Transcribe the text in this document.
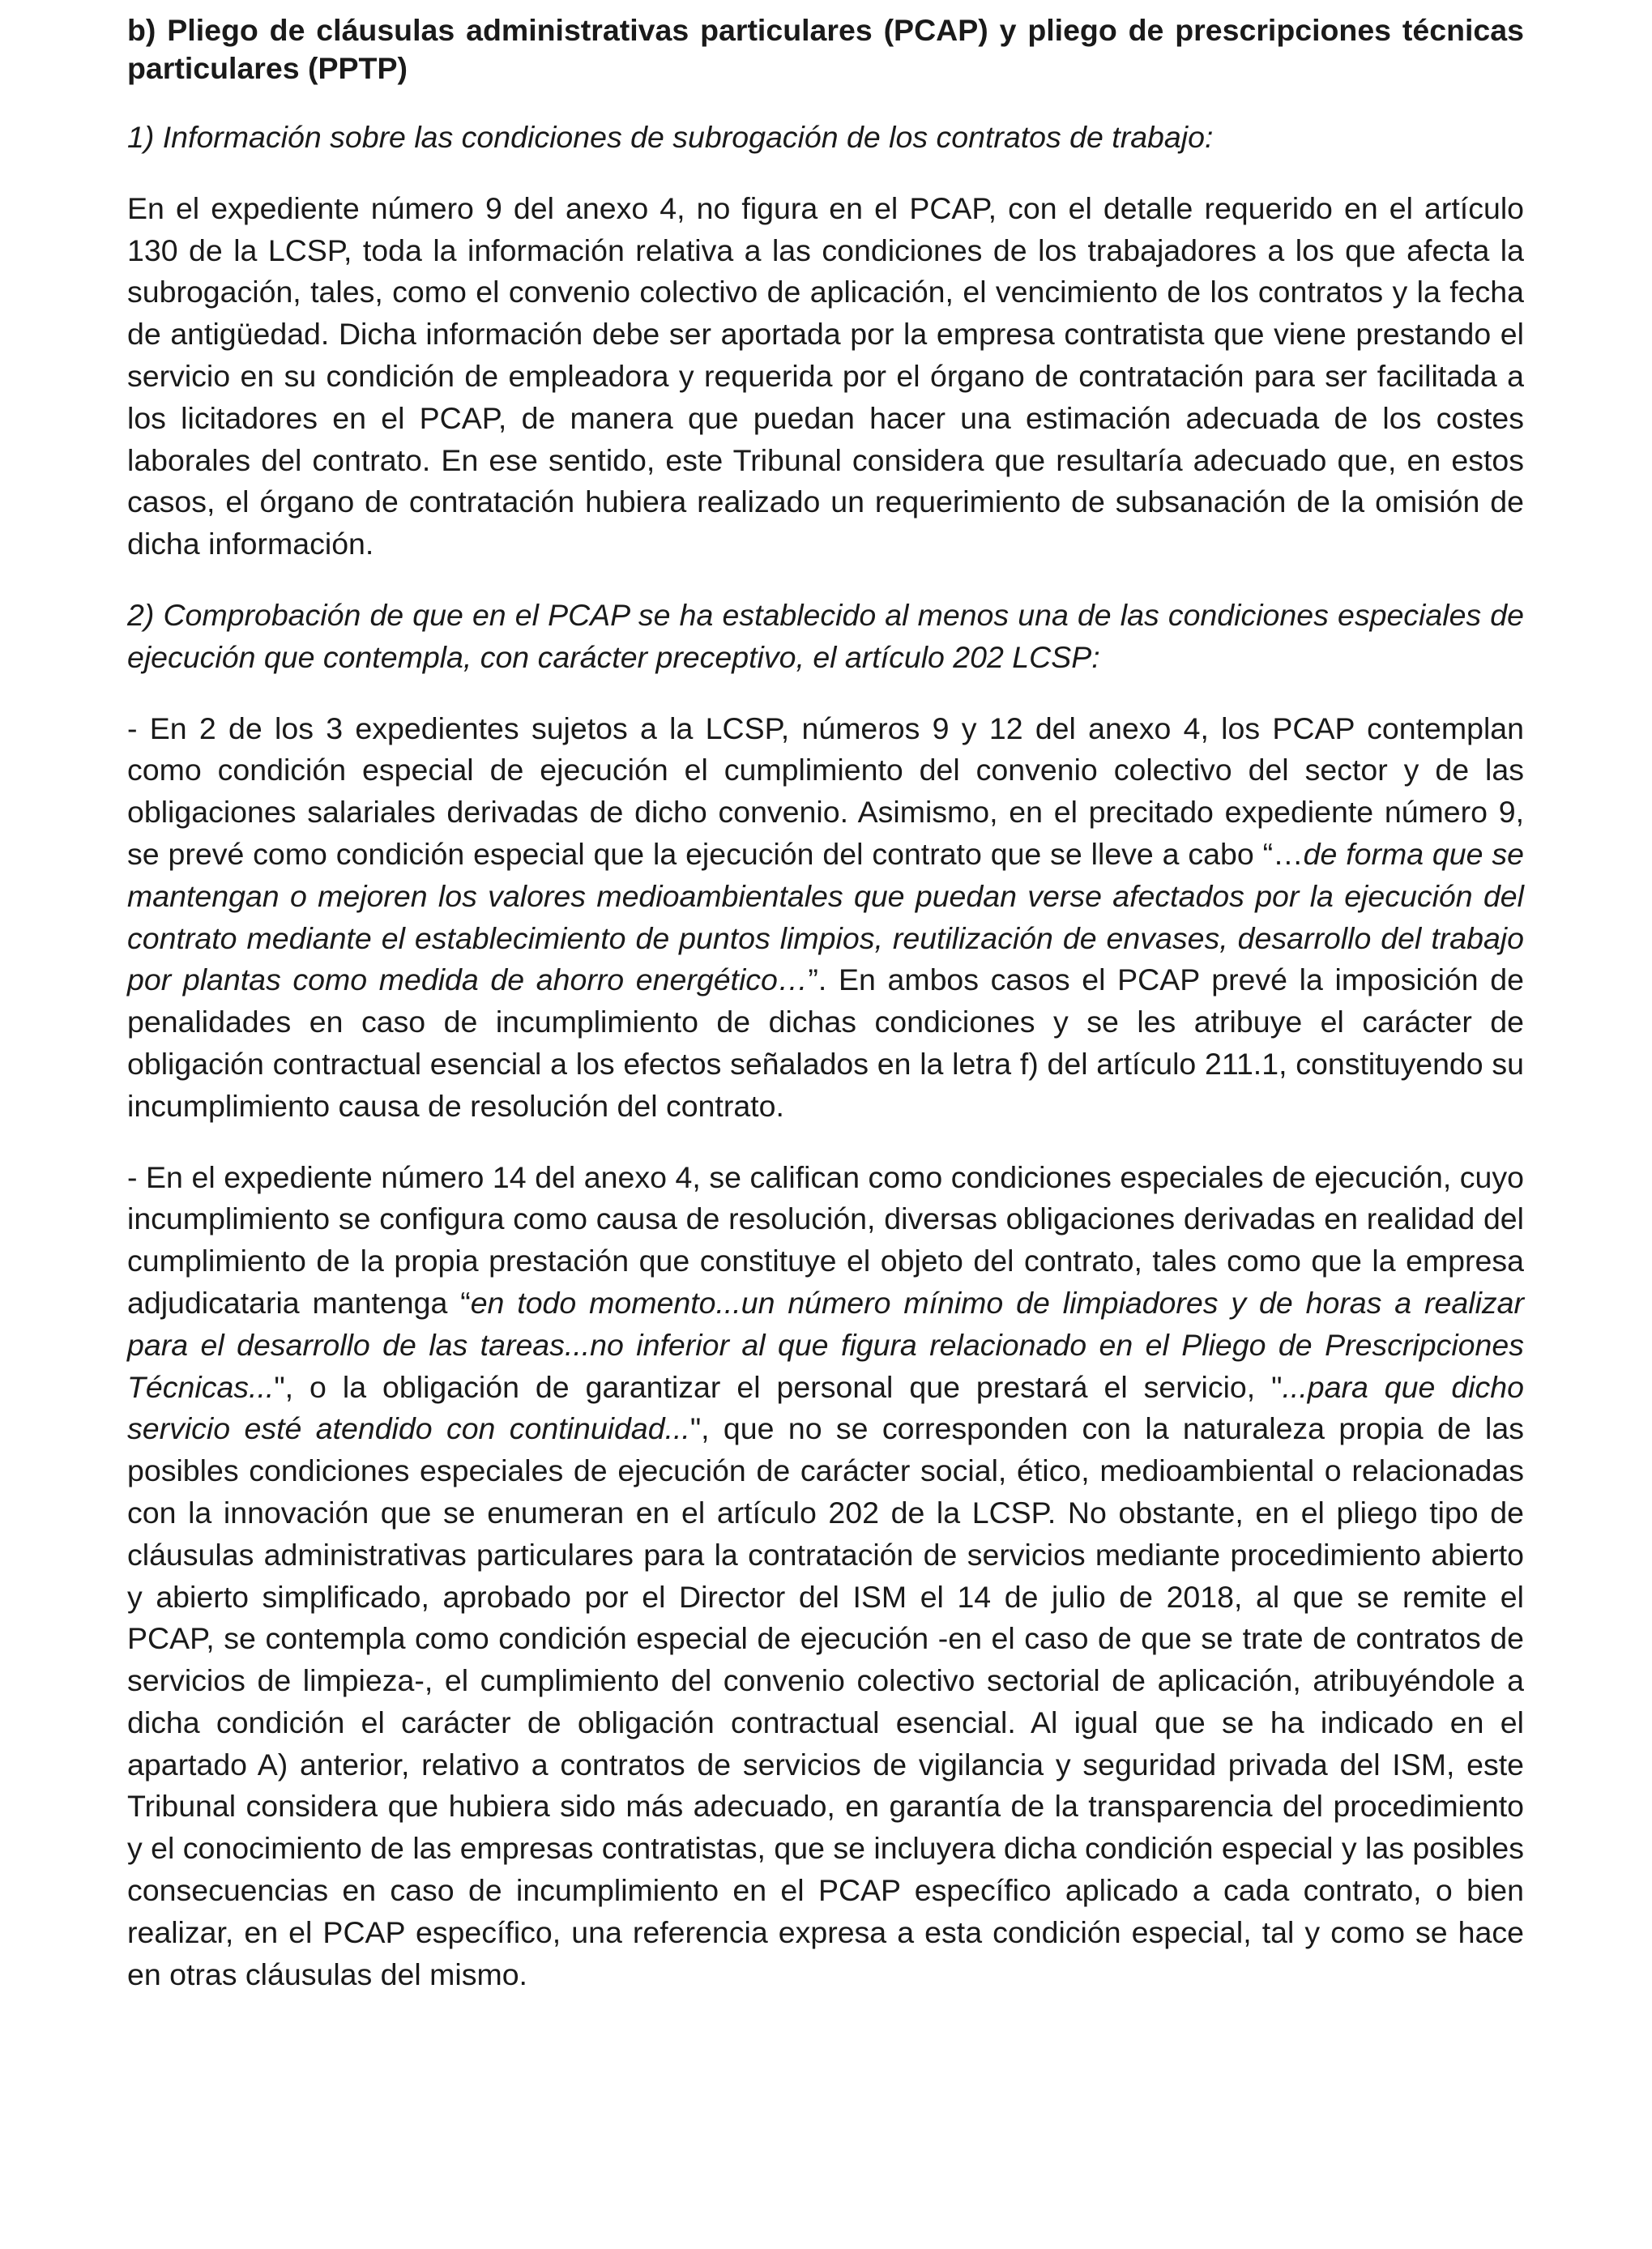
b) Pliego de cláusulas administrativas particulares (PCAP) y pliego de prescripciones técnicas particulares (PPTP)

1) Información sobre las condiciones de subrogación de los contratos de trabajo:

En el expediente número 9 del anexo 4, no figura en el PCAP, con el detalle requerido en el artículo 130 de la LCSP, toda la información relativa a las condiciones de los trabajadores a los que afecta la subrogación, tales, como el convenio colectivo de aplicación, el vencimiento de los contratos y la fecha de antigüedad. Dicha información debe ser aportada por la empresa contratista que viene prestando el servicio en su condición de empleadora y requerida por el órgano de contratación para ser facilitada a los licitadores en el PCAP, de manera que puedan hacer una estimación adecuada de los costes laborales del contrato. En ese sentido, este Tribunal considera que resultaría adecuado que, en estos casos, el órgano de contratación hubiera realizado un requerimiento de subsanación de la omisión de dicha información.

2) Comprobación de que en el PCAP se ha establecido al menos una de las condiciones especiales de ejecución que contempla, con carácter preceptivo, el artículo 202 LCSP:

- En 2 de los 3 expedientes sujetos a la LCSP, números 9 y 12 del anexo 4, los PCAP contemplan como condición especial de ejecución el cumplimiento del convenio colectivo del sector y de las obligaciones salariales derivadas de dicho convenio. Asimismo, en el precitado expediente número 9, se prevé como condición especial que la ejecución del contrato que se lleve a cabo “…de forma que se mantengan o mejoren los valores medioambientales que puedan verse afectados por la ejecución del contrato mediante el establecimiento de puntos limpios, reutilización de envases, desarrollo del trabajo por plantas como medida de ahorro energético…”. En ambos casos el PCAP prevé la imposición de penalidades en caso de incumplimiento de dichas condiciones y se les atribuye el carácter de obligación contractual esencial a los efectos señalados en la letra f) del artículo 211.1, constituyendo su incumplimiento causa de resolución del contrato.

- En el expediente número 14 del anexo 4, se califican como condiciones especiales de ejecución, cuyo incumplimiento se configura como causa de resolución, diversas obligaciones derivadas en realidad del cumplimiento de la propia prestación que constituye el objeto del contrato, tales como que la empresa adjudicataria mantenga “en todo momento...un número mínimo de limpiadores y de horas a realizar para el desarrollo de las tareas...no inferior al que figura relacionado en el Pliego de Prescripciones Técnicas...", o la obligación de garantizar el personal que prestará el servicio, "...para que dicho servicio esté atendido con continuidad...", que no se corresponden con la naturaleza propia de las posibles condiciones especiales de ejecución de carácter social, ético, medioambiental o relacionadas con la innovación que se enumeran en el artículo 202 de la LCSP. No obstante, en el pliego tipo de cláusulas administrativas particulares para la contratación de servicios mediante procedimiento abierto y abierto simplificado, aprobado por el Director del ISM el 14 de julio de 2018, al que se remite el PCAP, se contempla como condición especial de ejecución -en el caso de que se trate de contratos de servicios de limpieza-, el cumplimiento del convenio colectivo sectorial de aplicación, atribuyéndole a dicha condición el carácter de obligación contractual esencial. Al igual que se ha indicado en el apartado A) anterior, relativo a contratos de servicios de vigilancia y seguridad privada del ISM, este Tribunal considera que hubiera sido más adecuado, en garantía de la transparencia del procedimiento y el conocimiento de las empresas contratistas, que se incluyera dicha condición especial y las posibles consecuencias en caso de incumplimiento en el PCAP específico aplicado a cada contrato, o bien realizar, en el PCAP específico, una referencia expresa a esta condición especial, tal y como se hace en otras cláusulas del mismo.
